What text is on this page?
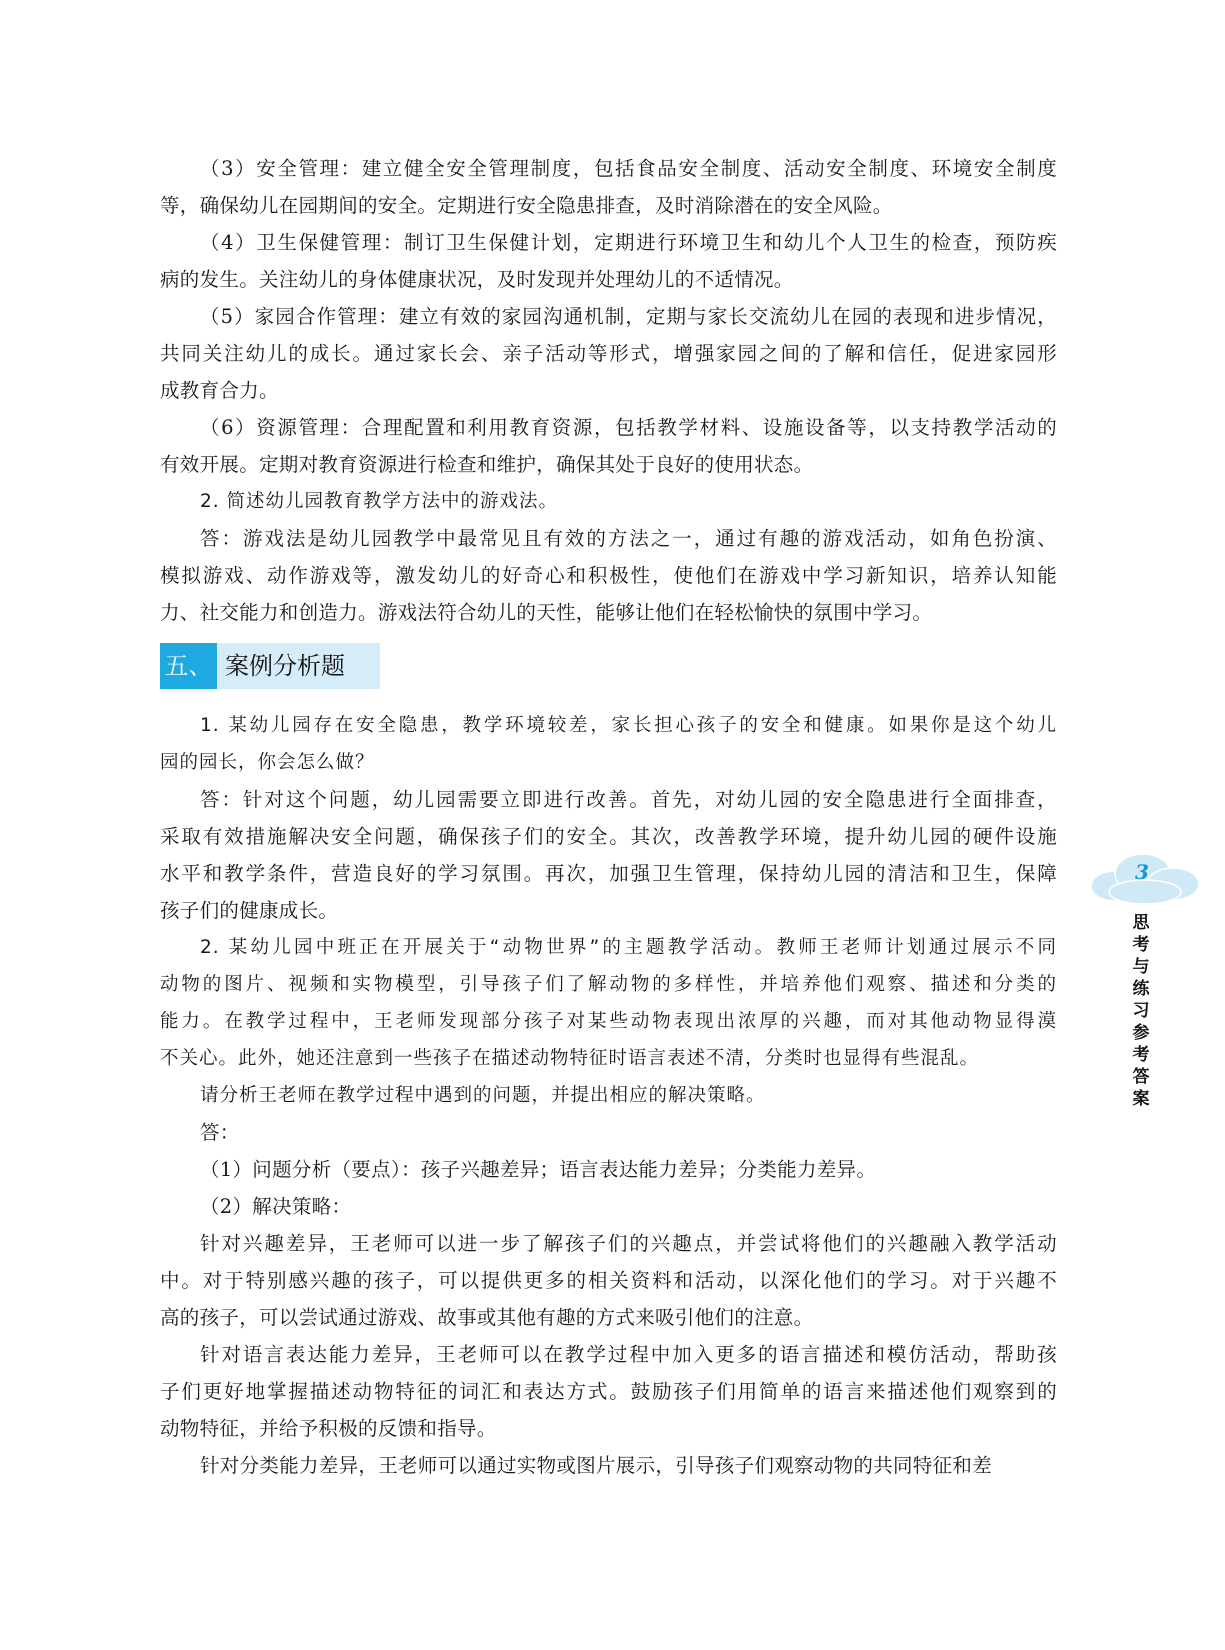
（3）安全管理：建立健全安全管理制度，包括食品安全制度、活动安全制度、环境安全制度
等，确保幼儿在园期间的安全。定期进行安全隐患排查，及时消除潜在的安全风险。
（4）卫生保健管理：制订卫生保健计划，定期进行环境卫生和幼儿个人卫生的检查，预防疾
病的发生。关注幼儿的身体健康状况，及时发现并处理幼儿的不适情况。
（5）家园合作管理：建立有效的家园沟通机制，定期与家长交流幼儿在园的表现和进步情况，
共同关注幼儿的成长。通过家长会、亲子活动等形式，增强家园之间的了解和信任，促进家园形
成教育合力。
（6）资源管理：合理配置和利用教育资源，包括教学材料、设施设备等，以支持教学活动的
有效开展。定期对教育资源进行检查和维护，确保其处于良好的使用状态。
2. 简述幼儿园教育教学方法中的游戏法。
答：游戏法是幼儿园教学中最常见且有效的方法之一，通过有趣的游戏活动，如角色扮演、
模拟游戏、动作游戏等，激发幼儿的好奇心和积极性，使他们在游戏中学习新知识，培养认知能
力、社交能力和创造力。游戏法符合幼儿的天性，能够让他们在轻松愉快的氛围中学习。
五、 案例分析题
1. 某幼儿园存在安全隐患，教学环境较差，家长担心孩子的安全和健康。如果你是这个幼儿
园的园长，你会怎么做？
答：针对这个问题，幼儿园需要立即进行改善。首先，对幼儿园的安全隐患进行全面排查，
采取有效措施解决安全问题，确保孩子们的安全。其次，改善教学环境，提升幼儿园的硬件设施
水平和教学条件，营造良好的学习氛围。再次，加强卫生管理，保持幼儿园的清洁和卫生，保障
孩子们的健康成长。
2. 某幼儿园中班正在开展关于“动物世界”的主题教学活动。教师王老师计划通过展示不同
动物的图片、视频和实物模型，引导孩子们了解动物的多样性，并培养他们观察、描述和分类的
能力。在教学过程中，王老师发现部分孩子对某些动物表现出浓厚的兴趣，而对其他动物显得漠
不关心。此外，她还注意到一些孩子在描述动物特征时语言表述不清，分类时也显得有些混乱。
请分析王老师在教学过程中遇到的问题，并提出相应的解决策略。
答：
（1）问题分析（要点）：孩子兴趣差异；语言表达能力差异；分类能力差异。
（2）解决策略：
针对兴趣差异，王老师可以进一步了解孩子们的兴趣点，并尝试将他们的兴趣融入教学活动
中。对于特别感兴趣的孩子，可以提供更多的相关资料和活动，以深化他们的学习。对于兴趣不
高的孩子，可以尝试通过游戏、故事或其他有趣的方式来吸引他们的注意。
针对语言表达能力差异，王老师可以在教学过程中加入更多的语言描述和模仿活动，帮助孩
子们更好地掌握描述动物特征的词汇和表达方式。鼓励孩子们用简单的语言来描述他们观察到的
动物特征，并给予积极的反馈和指导。
针对分类能力差异，王老师可以通过实物或图片展示，引导孩子们观察动物的共同特征和差
3
思
考
与
练
习
参
考
答
案
